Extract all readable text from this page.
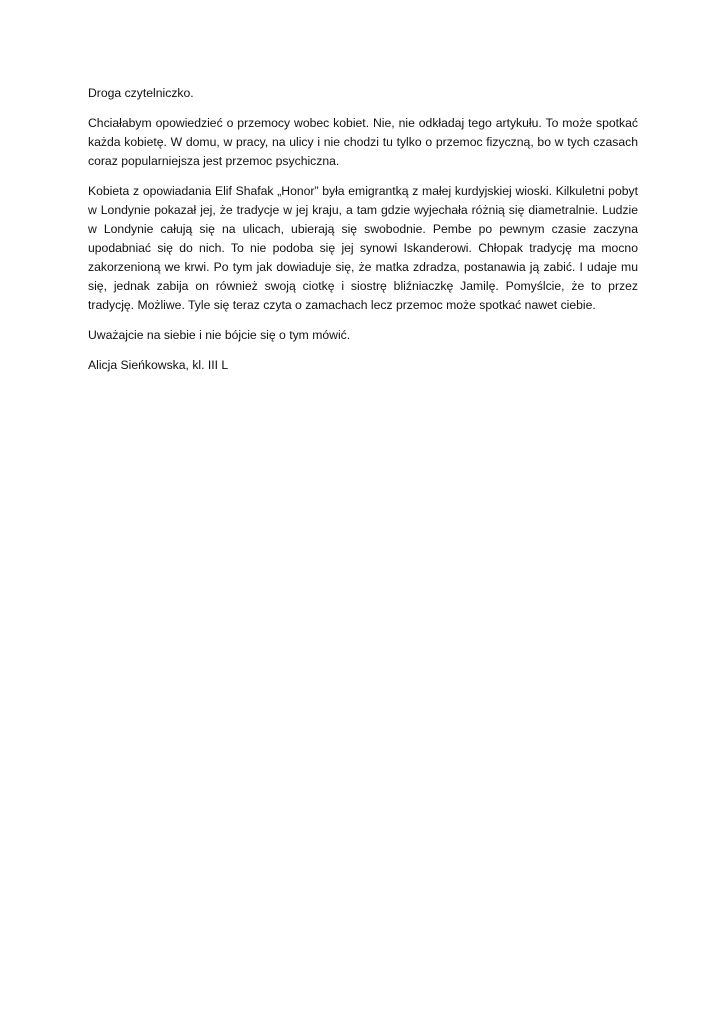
Droga czytelniczko.

Chciałabym opowiedzieć o przemocy wobec kobiet. Nie, nie odkładaj tego artykułu. To może spotkać każda kobietę. W domu, w pracy, na ulicy i nie chodzi tu tylko o przemoc fizyczną, bo w tych czasach coraz popularniejsza jest przemoc psychiczna.

Kobieta z opowiadania Elif Shafak „Honor” była emigrantką z małej kurdyjskiej wioski. Kilkuletni pobyt w Londynie pokazał jej, że tradycje w jej kraju, a tam gdzie wyjechała różnią się diametralnie. Ludzie w Londynie całują się na ulicach, ubierają się swobodnie. Pembe po pewnym czasie zaczyna upodabniać się do nich. To nie podoba się jej synowi Iskanderowi. Chłopak tradycję ma mocno zakorzenioną we krwi. Po tym jak dowiaduje się, że matka zdradza, postanawia ją zabić. I udaje mu się, jednak zabija on również swoją ciotkę i siostrę bliźniaczkę Jamilę. Pomyślcie, że to przez tradycję. Możliwe. Tyle się teraz czyta o zamachach lecz przemoc może spotkać nawet ciebie.

Uważajcie na siebie i nie bójcie się o tym mówić.

Alicja Sieńkowska, kl. III L
